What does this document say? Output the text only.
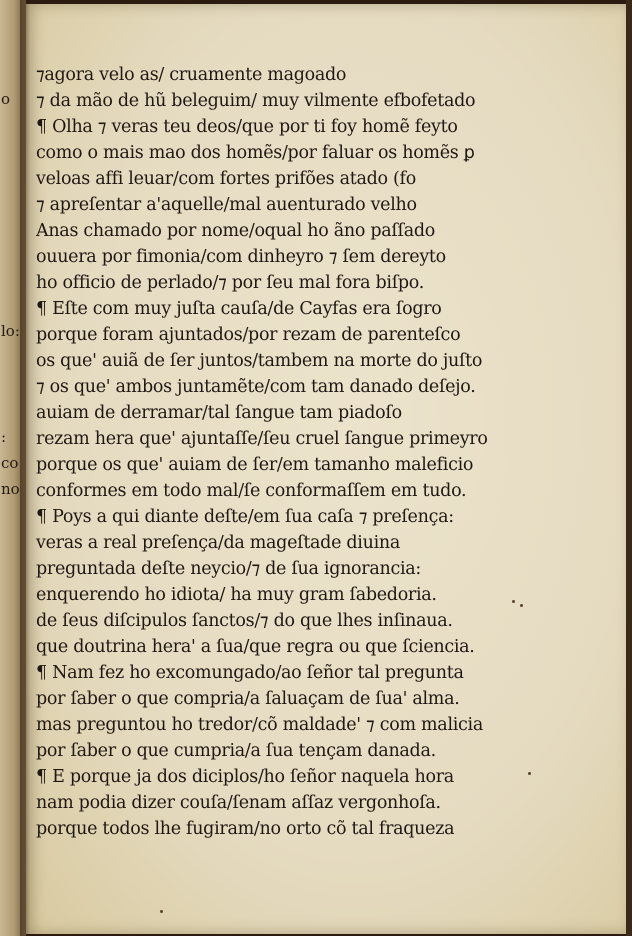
o
lo:
:
co
no
⁊agora velo as/ cruamente magoado
⁊ da mão de hũ beleguim/ muy vilmente efbofetado
¶ Olha ⁊ veras teu deos/que por ti foy homẽ feyto
como o mais mao dos homẽs/por faluar os homẽs ꝑ
veloas affi leuar/com fortes prifões atado (fo
⁊ apreſentar a'aquelle/mal auenturado velho
Anas chamado por nome/oqual ho ãno paſſado
ouuera por fimonia/com dinheyro ⁊ ſem dereyto
ho officio de perlado/⁊ por ſeu mal fora biſpo.
¶ Eſte com muy juſta cauſa/de Cayfas era ſogro
porque foram ajuntados/por rezam de parenteſco
os que' auiã de ſer juntos/tambem na morte do juſto
⁊ os que' ambos juntamẽte/com tam danado deſejo.
auiam de derramar/tal ſangue tam piadoſo
rezam hera que' ajuntaſſe/ſeu cruel ſangue primeyro
porque os que' auiam de ſer/em tamanho maleficio
conformes em todo mal/ſe conformaſſem em tudo.
¶ Poys a qui diante deſte/em ſua caſa ⁊ preſença:
veras a real preſença/da mageſtade diuina
preguntada deſte neycio/⁊ de ſua ignorancia:
enquerendo ho idiota/ ha muy gram ſabedoria.
de ſeus diſcipulos ſanctos/⁊ do que lhes inſinaua.
que doutrina hera' a ſua/que regra ou que ſciencia.
¶ Nam fez ho excomungado/ao ſeñor tal pregunta
por ſaber o que compria/a ſaluaçam de ſua' alma.
mas preguntou ho tredor/cõ maldade' ⁊ com malicia
por ſaber o que cumpria/a ſua tençam danada.
¶ E porque ja dos diciplos/ho ſeñor naquela hora
nam podia dizer couſa/ſenam aſſaz vergonhoſa.
porque todos lhe fugiram/no orto cõ tal fraqueza
